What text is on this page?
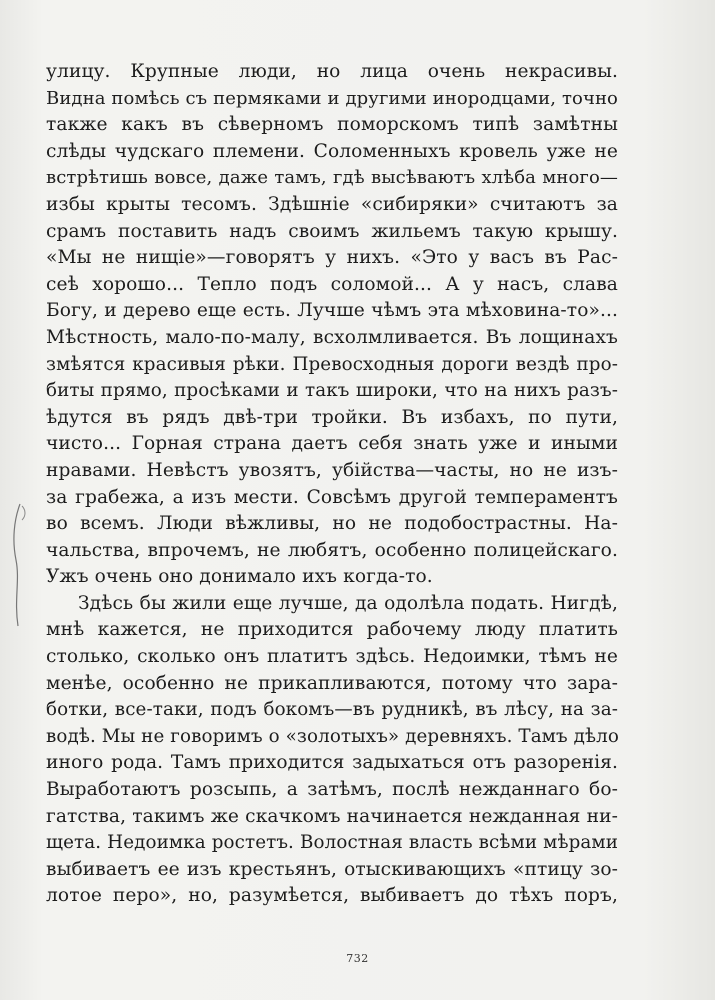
улицу. Крупные люди, но лица очень некрасивы.
Видна помѣсь съ пермяками и другими инородцами, точно
также какъ въ сѣверномъ поморскомъ типѣ замѣтны
слѣды чудскаго племени. Соломенныхъ кровель уже не
встрѣтишь вовсе, даже тамъ, гдѣ высѣваютъ хлѣба много—
избы крыты тесомъ. Здѣшніе «сибиряки» считаютъ за
срамъ поставить надъ своимъ жильемъ такую крышу.
«Мы не нищіе»—говорятъ у нихъ. «Это у васъ въ Рас-
сеѣ хорошо... Тепло подъ соломой... А у насъ, слава
Богу, и дерево еще есть. Лучше чѣмъ эта мѣховина-то»...
Мѣстность, мало-по-малу, всхолмливается. Въ лощинахъ
змѣятся красивыя рѣки. Превосходныя дороги вездѣ про-
биты прямо, просѣками и такъ широки, что на нихъ разъ-
ѣдутся въ рядъ двѣ-три тройки. Въ избахъ, по пути,
чисто... Горная страна даетъ себя знать уже и иными
нравами. Невѣстъ увозятъ, убійства—часты, но не изъ-
за грабежа, а изъ мести. Совсѣмъ другой темпераментъ
во всемъ. Люди вѣжливы, но не подобострастны. На-
чальства, впрочемъ, не любятъ, особенно полицейскаго.
Ужъ очень оно донимало ихъ когда-то.
Здѣсь бы жили еще лучше, да одолѣла подать. Нигдѣ,
мнѣ кажется, не приходится рабочему люду платить
столько, сколько онъ платитъ здѣсь. Недоимки, тѣмъ не
менѣе, особенно не прикапливаются, потому что зара-
ботки, все-таки, подъ бокомъ—въ рудникѣ, въ лѣсу, на за-
водѣ. Мы не говоримъ о «золотыхъ» деревняхъ. Тамъ дѣло
иного рода. Тамъ приходится задыхаться отъ разоренія.
Выработаютъ розсыпь, а затѣмъ, послѣ нежданнаго бо-
гатства, такимъ же скачкомъ начинается нежданная ни-
щета. Недоимка ростетъ. Волостная власть всѣми мѣрами
выбиваетъ ее изъ крестьянъ, отыскивающихъ «птицу зо-
лотое перо», но, разумѣется, выбиваетъ до тѣхъ поръ,
732
